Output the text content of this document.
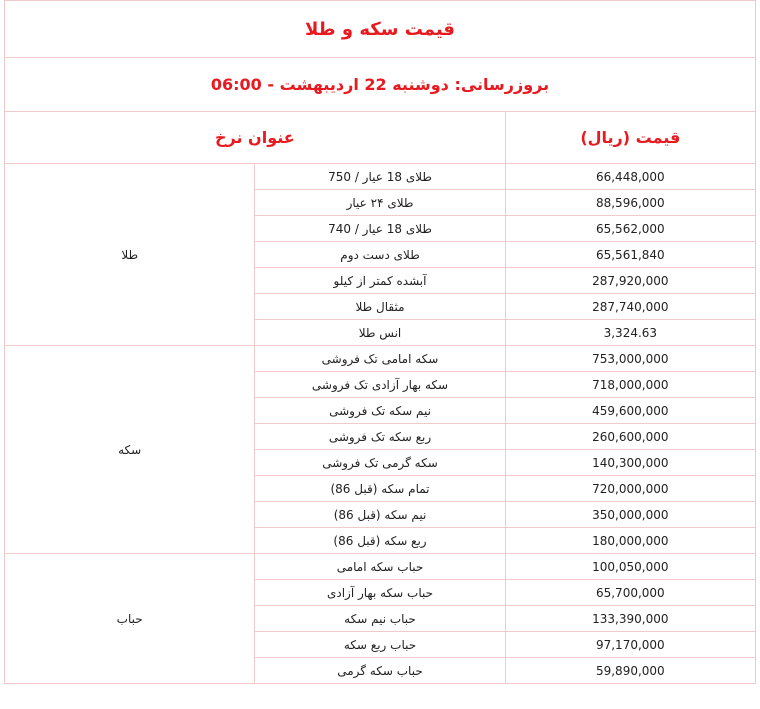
قیمت سکه و طلا		
بروزرسانی: دوشنبه 22 اردیبهشت - 06:00		
قیمت (ریال)	عنوان نرخ	
66,448,000	طلای 18 عیار / 750	طلا
88,596,000	طلای ۲۴ عیار	
65,562,000	طلای 18 عیار / 740	
65,561,840	طلای دست دوم	
287,920,000	آبشده کمتر از کیلو	
287,740,000	مثقال طلا	
3,324.63	انس طلا	
753,000,000	سکه امامی تک فروشی	سکه
718,000,000	سکه بهار آزادی تک فروشی	
459,600,000	نیم سکه تک فروشی	
260,600,000	ربع سکه تک فروشی	
140,300,000	سکه گرمی تک فروشی	
720,000,000	تمام سکه (قبل 86)	
350,000,000	نیم سکه (قبل 86)	
180,000,000	ربع سکه (قبل 86)	
100,050,000	حباب سکه امامی	حباب
65,700,000	حباب سکه بهار آزادی	
133,390,000	حباب نیم سکه	
97,170,000	حباب ربع سکه	
59,890,000	حباب سکه گرمی	
